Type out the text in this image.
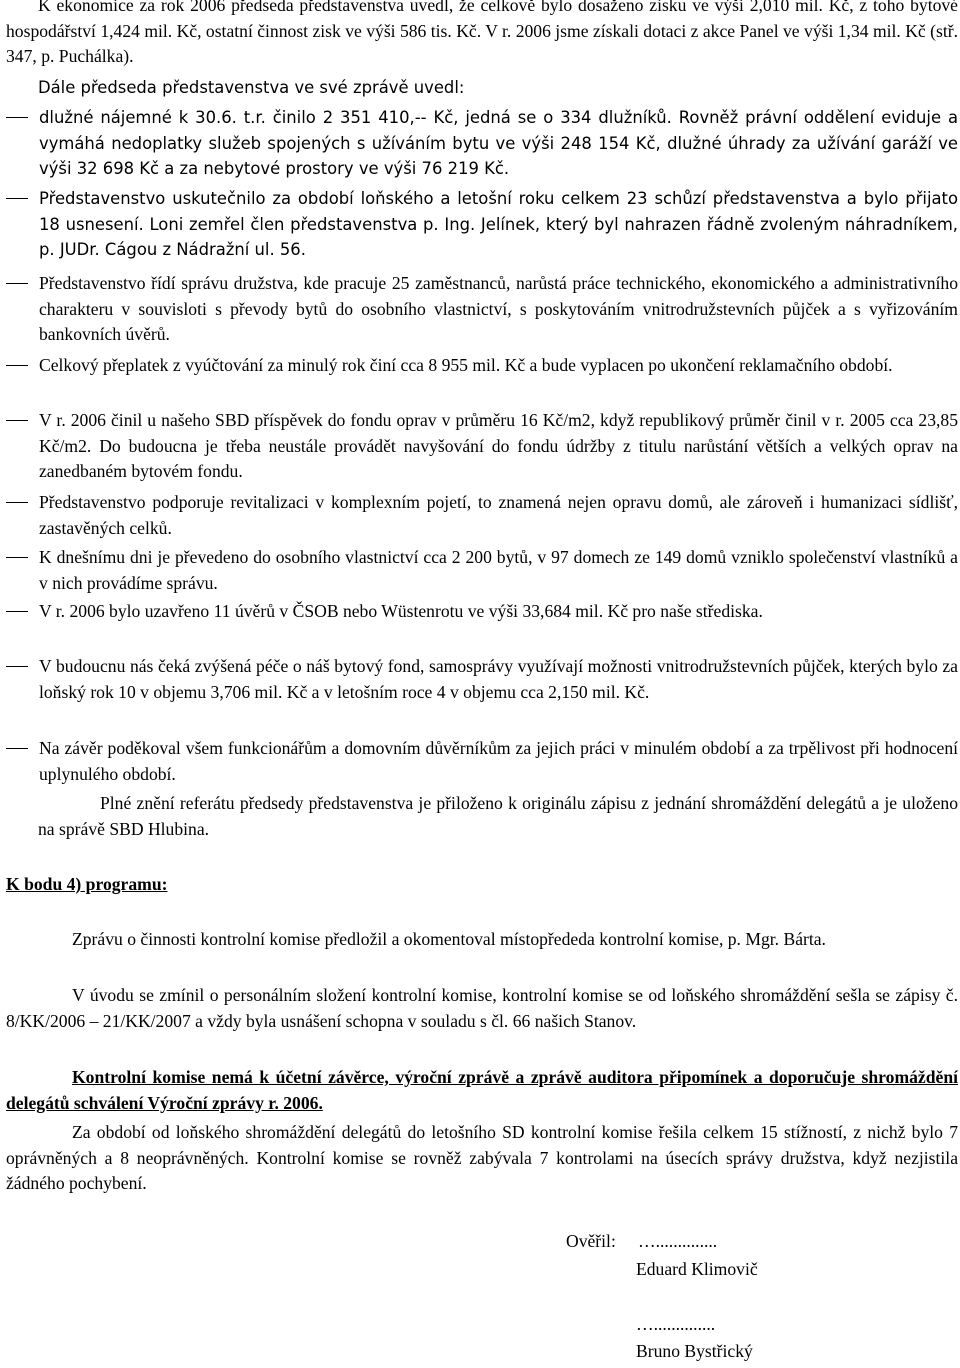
K ekonomice za rok 2006 předseda představenstva uvedl, že celkově bylo dosaženo zisku ve výši 2,010 mil. Kč, z toho bytové hospodářství 1,424 mil. Kč, ostatní činnost zisk ve výši 586 tis. Kč. V r. 2006 jsme získali dotaci z akce Panel ve výši 1,34 mil. Kč (stř. 347, p. Puchálka).

Dále předseda představenstva ve své zprávě uvedl:

dlužné nájemné k 30.6. t.r. činilo 2 351 410,-- Kč, jedná se o 334 dlužníků. Rovněž právní oddělení eviduje a vymáhá nedoplatky služeb spojených s užíváním bytu ve výši 248 154 Kč, dlužné úhrady za užívání garáží ve výši 32 698 Kč a za nebytové prostory ve výši 76 219 Kč.

Představenstvo uskutečnilo za období loňského a letošní roku celkem 23 schůzí představenstva a bylo přijato 18 usnesení. Loni zemřel člen představenstva p. Ing. Jelínek, který byl nahrazen řádně zvoleným náhradníkem, p. JUDr. Cágou z Nádražní ul. 56.

Představenstvo řídí správu družstva, kde pracuje 25 zaměstnanců, narůstá práce technického, ekonomického a administrativního charakteru v souvisloti s převody bytů do osobního vlastnictví, s poskytováním vnitrodružstevních půjček a s vyřizováním bankovních úvěrů.

Celkový přeplatek z vyúčtování za minulý rok činí cca 8 955 mil. Kč a bude vyplacen po ukončení reklamačního období.

V r. 2006 činil u našeho SBD příspěvek do fondu oprav v průměru 16 Kč/m2, když republikový průměr činil v r. 2005 cca 23,85 Kč/m2. Do budoucna je třeba neustále provádět navyšování do fondu údržby z titulu narůstání větších a velkých oprav na zanedbaném bytovém fondu.

Představenstvo podporuje revitalizaci v komplexním pojetí, to znamená nejen opravu domů, ale zároveň i humanizaci sídlišť, zastavěných celků.

K dnešnímu dni je převedeno do osobního vlastnictví cca 2 200 bytů, v 97 domech ze 149 domů vzniklo společenství vlastníků a v nich provádíme správu.

V r. 2006 bylo uzavřeno 11 úvěrů v ČSOB nebo Wüstenrotu ve výši 33,684 mil. Kč pro naše střediska.

V budoucnu nás čeká zvýšená péče o náš bytový fond, samosprávy využívají možnosti vnitrodružstevních půjček, kterých bylo za loňský rok 10 v objemu 3,706 mil. Kč a v letošním roce 4 v objemu cca 2,150 mil. Kč.

Na závěr poděkoval všem funkcionářům a domovním důvěrníkům za jejich práci v minulém období a za trpělivost při hodnocení uplynulého období.

Plné znění referátu předsedy představenstva je přiloženo k originálu zápisu z jednání shromáždění delegátů a je uloženo na správě SBD Hlubina.

K bodu 4) programu:

Zprávu o činnosti kontrolní komise předložil a okomentoval místopřededa kontrolní komise, p. Mgr. Bárta.

V úvodu se zmínil o personálním složení kontrolní komise, kontrolní komise se od loňského shromáždění sešla se zápisy č. 8/KK/2006 – 21/KK/2007 a vždy byla usnášení schopna v souladu s čl. 66 našich Stanov.

Kontrolní komise nemá k účetní závěrce, výroční zprávě a zprávě auditora připomínek a doporučuje shromáždění delegátů schválení Výroční zprávy r. 2006.

Za období od loňského shromáždění delegátů do letošního SD kontrolní komise řešila celkem 15 stížností, z nichž bylo 7 oprávněných a 8 neoprávněných. Kontrolní komise se rovněž zabývala 7 kontrolami na úsecích správy družstva, když nezjistila žádného pochybení.

Ověřil: …..............
Eduard Klimovič
…..............
Bruno Bystřický
